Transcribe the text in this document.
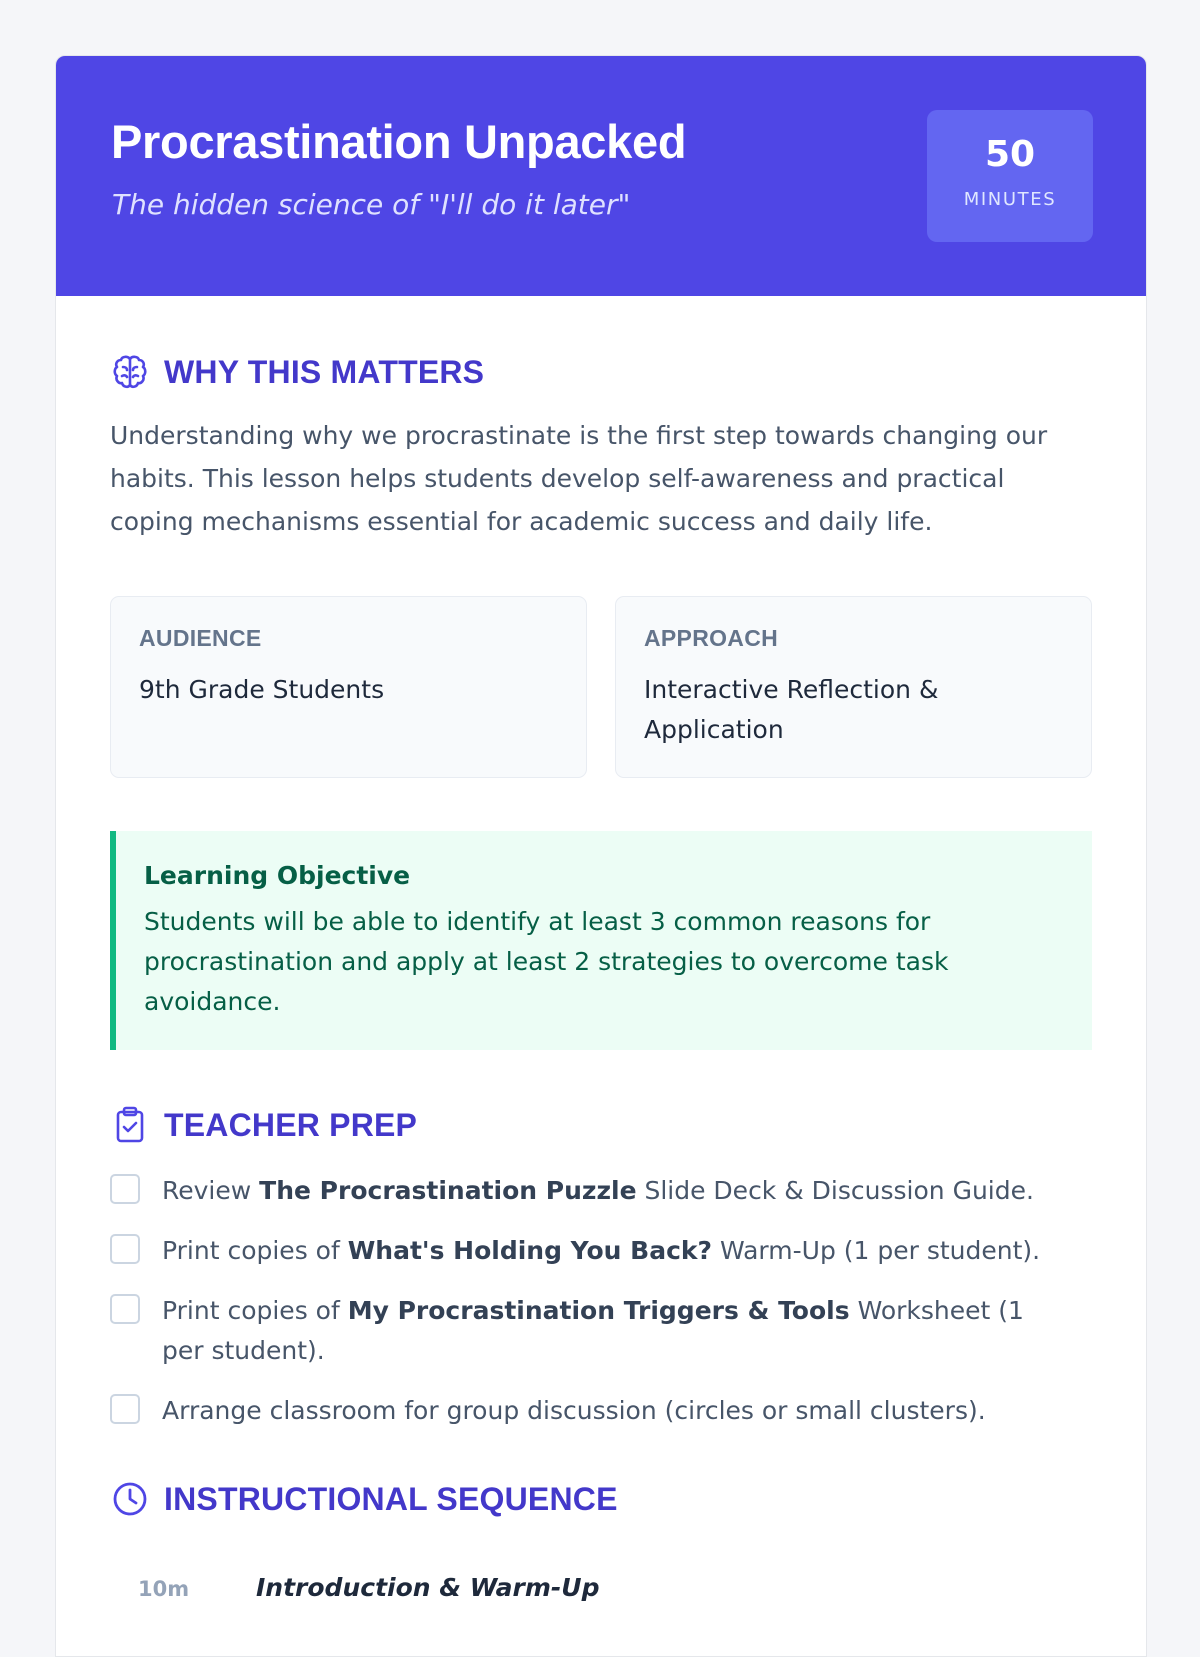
Procrastination Unpacked

The hidden science of "I'll do it later"

50
MINUTES
WHY THIS MATTERS

Understanding why we procrastinate is the first step towards changing our habits. This lesson helps students develop self-awareness and practical coping mechanisms essential for academic success and daily life.

AUDIENCE
9th Grade Students
APPROACH
Interactive Reflection & Application
Learning Objective
Students will be able to identify at least 3 common reasons for procrastination and apply at least 2 strategies to overcome task avoidance.
TEACHER PREP
Review The Procrastination Puzzle Slide Deck & Discussion Guide.
Print copies of What's Holding You Back? Warm-Up (1 per student).
Print copies of My Procrastination Triggers & Tools Worksheet (1 per student).
Arrange classroom for group discussion (circles or small clusters).
INSTRUCTIONAL SEQUENCE
10m	Introduction & Warm-Up
